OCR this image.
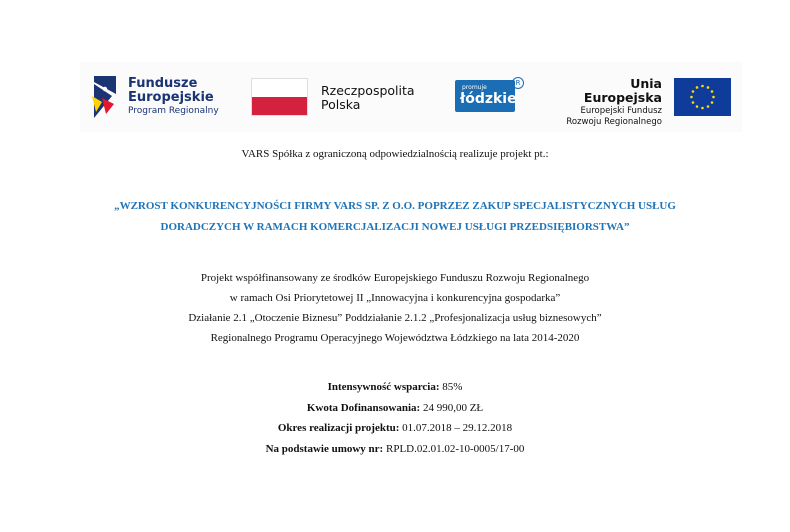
Fundusze
Europejskie
Program Regionalny
Rzeczpospolita
Polska
promuje
łódzkie
R	Unia Europejska
Europejski Fundusz
Rozwoju Regionalnego
VARS Spółka z ograniczoną odpowiedzialnością realizuje projekt pt.:
„WZROST KONKURENCYJNOŚCI FIRMY VARS SP. Z O.O. POPRZEZ ZAKUP SPECJALISTYCZNYCH USŁUG
DORADCZYCH W RAMACH KOMERCJALIZACJI NOWEJ USŁUGI PRZEDSIĘBIORSTWA”
Projekt współfinansowany ze środków Europejskiego Funduszu Rozwoju Regionalnego
w ramach Osi Priorytetowej II „Innowacyjna i konkurencyjna gospodarka”
Działanie 2.1 „Otoczenie Biznesu” Poddziałanie 2.1.2 „Profesjonalizacja usług biznesowych”
Regionalnego Programu Operacyjnego Województwa Łódzkiego na lata 2014-2020
Intensywność wsparcia: 85%
Kwota Dofinansowania: 24 990,00 ZŁ
Okres realizacji projektu: 01.07.2018 – 29.12.2018
Na podstawie umowy nr: RPLD.02.01.02-10-0005/17-00
